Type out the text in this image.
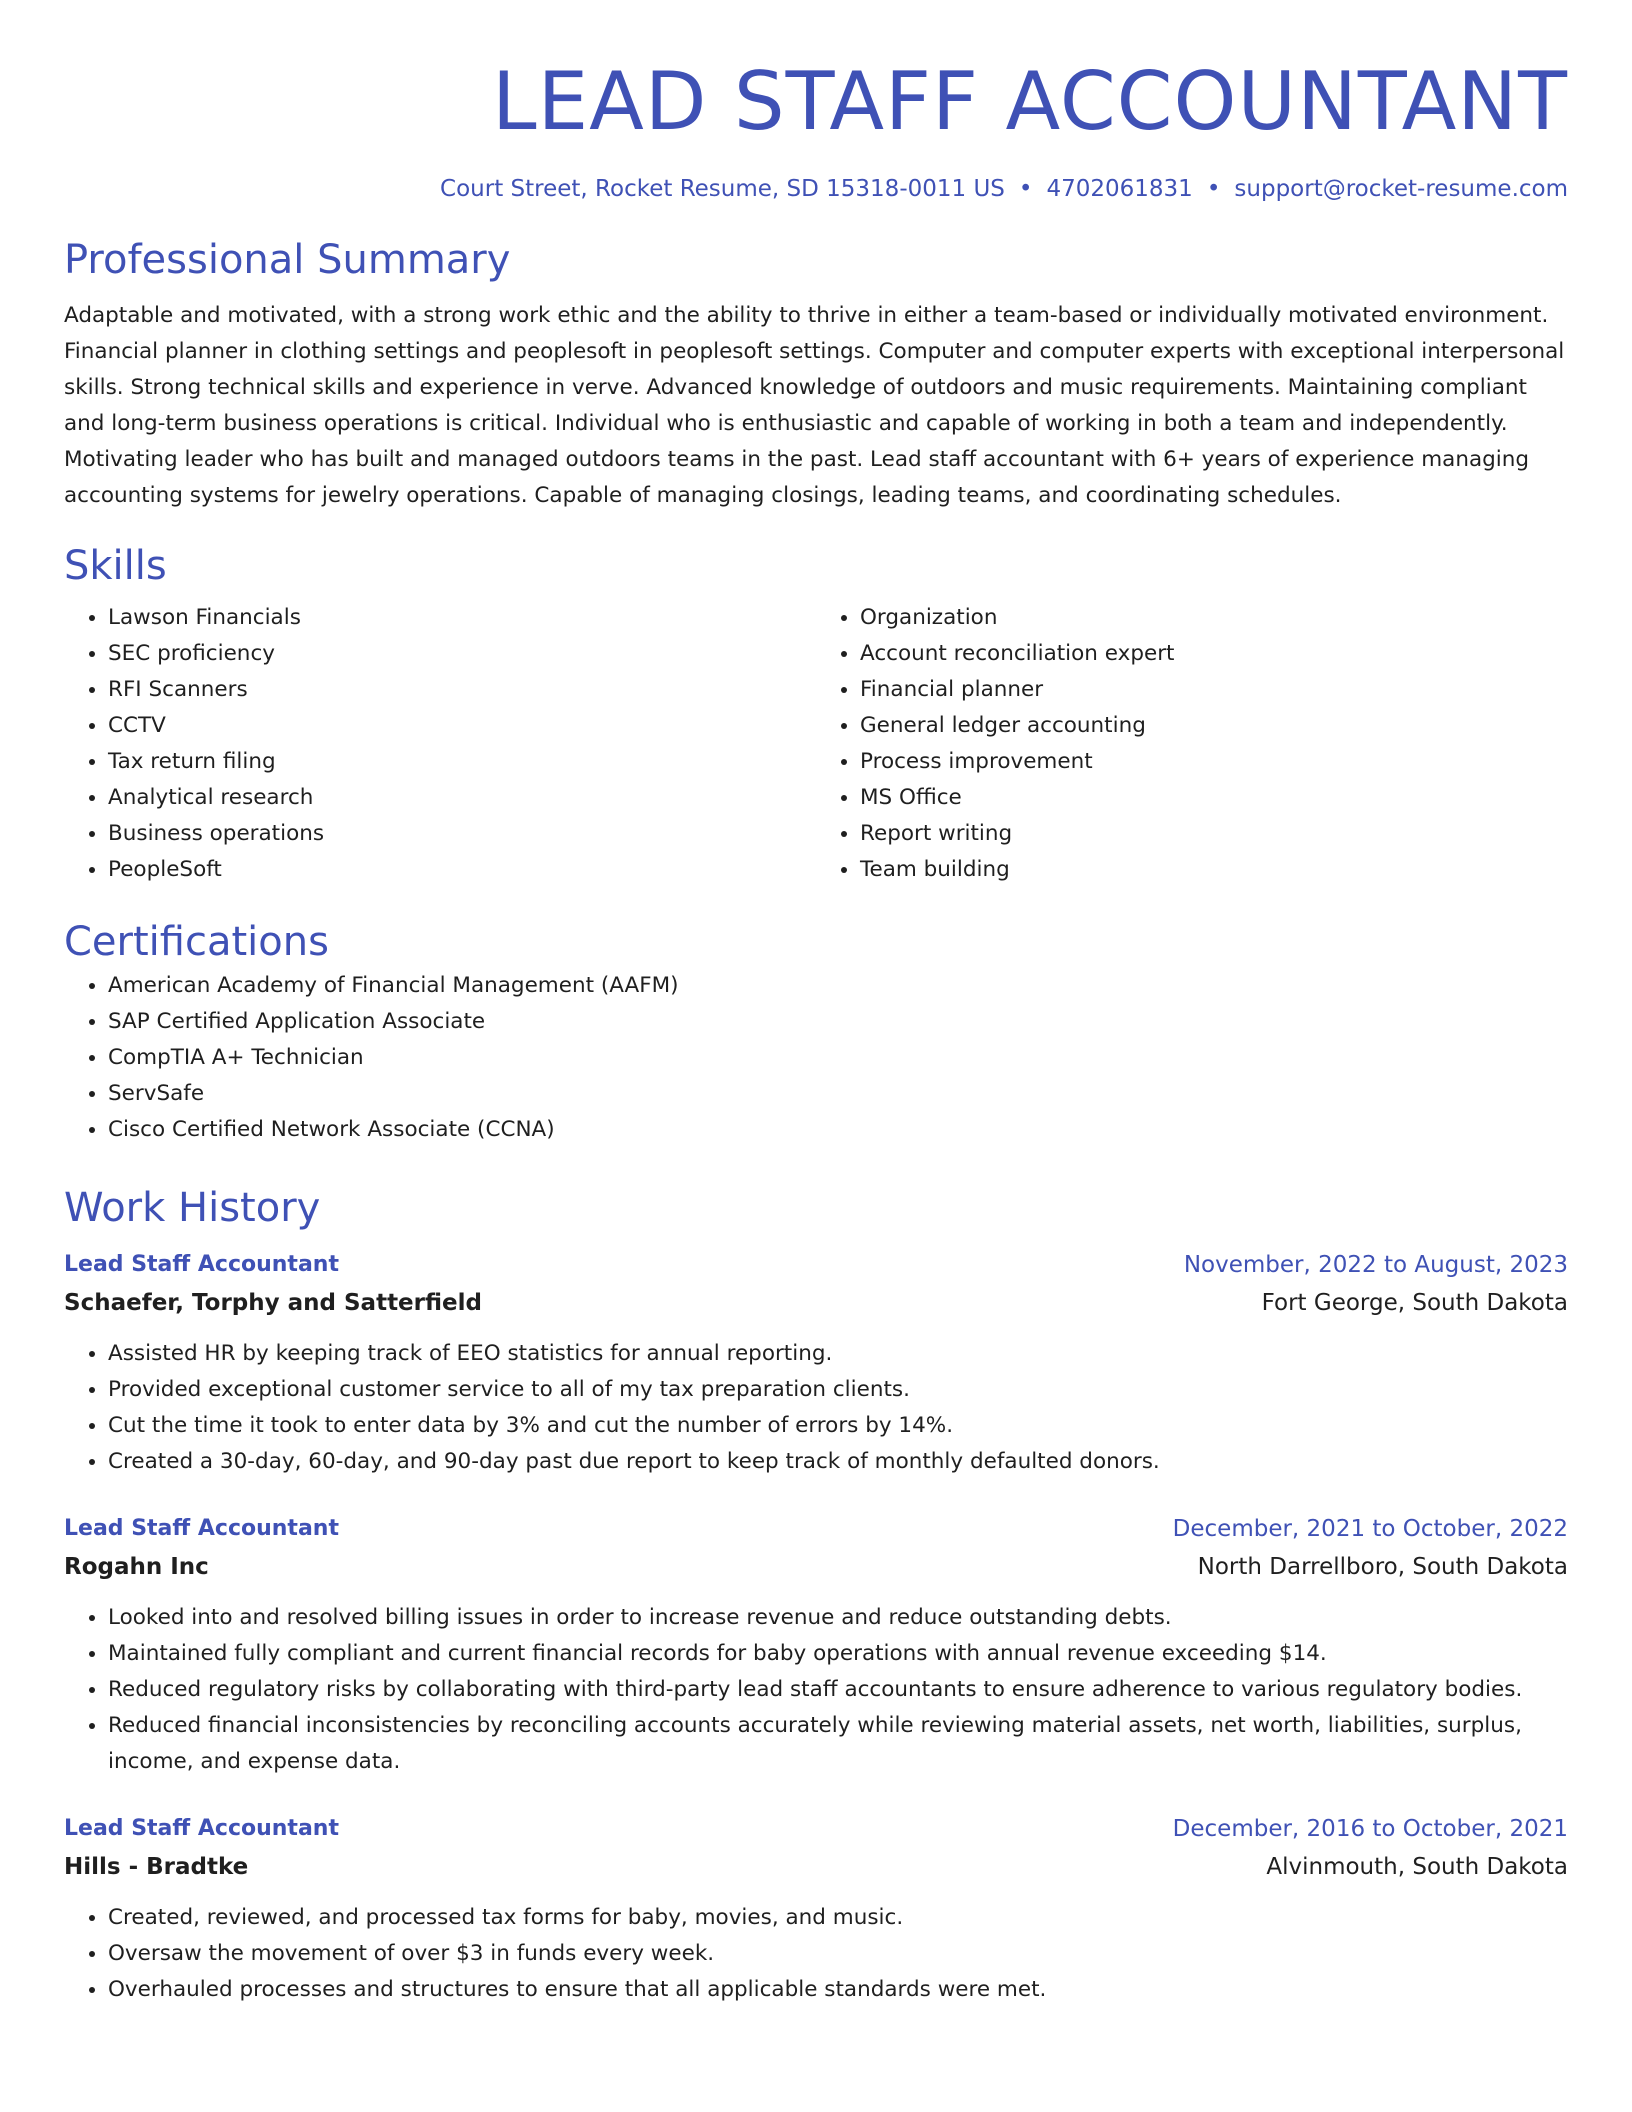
LEAD STAFF ACCOUNTANT
Court Street, Rocket Resume, SD 15318-0011 US • 4702061831 • support@rocket-resume.com
Professional Summary

Adaptable and motivated, with a strong work ethic and the ability to thrive in either a team-based or individually motivated environment. Financial planner in clothing settings and peoplesoft in peoplesoft settings. Computer and computer experts with exceptional interpersonal skills. Strong technical skills and experience in verve. Advanced knowledge of outdoors and music requirements. Maintaining compliant and long-term business operations is critical. Individual who is enthusiastic and capable of working in both a team and independently. Motivating leader who has built and managed outdoors teams in the past. Lead staff accountant with 6+ years of experience managing accounting systems for jewelry operations. Capable of managing closings, leading teams, and coordinating schedules.

Skills
• Lawson Financials
• SEC proficiency
• RFI Scanners
• CCTV
• Tax return filing
• Analytical research
• Business operations
• PeopleSoft
• Organization
• Account reconciliation expert
• Financial planner
• General ledger accounting
• Process improvement
• MS Office
• Report writing
• Team building
Certifications
• American Academy of Financial Management (AAFM)
• SAP Certified Application Associate
• CompTIA A+ Technician
• ServSafe
• Cisco Certified Network Associate (CCNA)
Work History
Lead Staff Accountant	November, 2022 to August, 2023
Schaefer, Torphy and Satterfield	Fort George, South Dakota
• Assisted HR by keeping track of EEO statistics for annual reporting.
• Provided exceptional customer service to all of my tax preparation clients.
• Cut the time it took to enter data by 3% and cut the number of errors by 14%.
• Created a 30-day, 60-day, and 90-day past due report to keep track of monthly defaulted donors.
Lead Staff Accountant	December, 2021 to October, 2022
Rogahn Inc	North Darrellboro, South Dakota
• Looked into and resolved billing issues in order to increase revenue and reduce outstanding debts.
• Maintained fully compliant and current financial records for baby operations with annual revenue exceeding $14.
• Reduced regulatory risks by collaborating with third-party lead staff accountants to ensure adherence to various regulatory bodies.
• Reduced financial inconsistencies by reconciling accounts accurately while reviewing material assets, net worth, liabilities, surplus, income, and expense data.
Lead Staff Accountant	December, 2016 to October, 2021
Hills - Bradtke	Alvinmouth, South Dakota
• Created, reviewed, and processed tax forms for baby, movies, and music.
• Oversaw the movement of over $3 in funds every week.
• Overhauled processes and structures to ensure that all applicable standards were met.
